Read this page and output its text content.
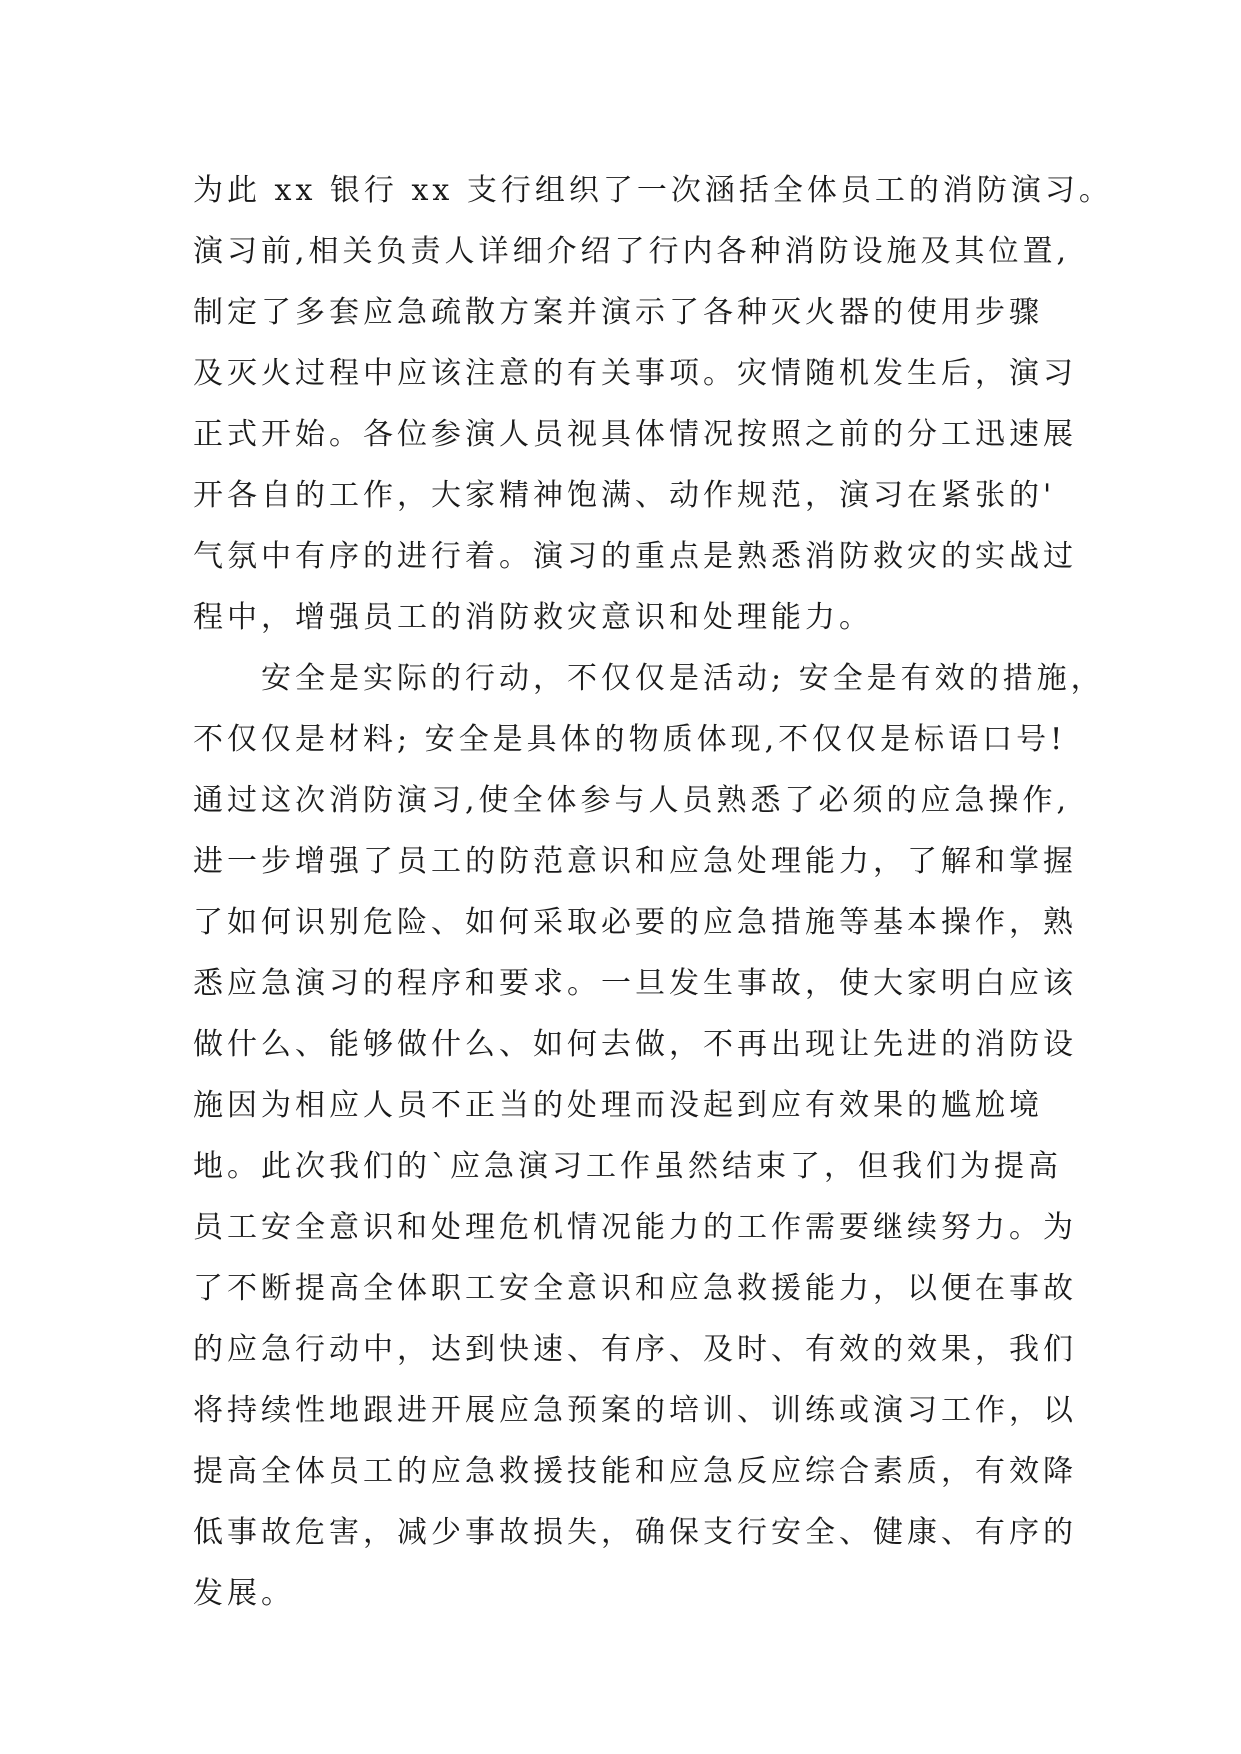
为此 xx 银行 xx 支行组织了一次涵括全体员工的消防演习。
演习前,相关负责人详细介绍了行内各种消防设施及其位置,
制定了多套应急疏散方案并演示了各种灭火器的使用步骤
及灭火过程中应该注意的有关事项。灾情随机发生后，演习
正式开始。各位参演人员视具体情况按照之前的分工迅速展
开各自的工作，大家精神饱满、动作规范，演习在紧张的'
气氛中有序的进行着。演习的重点是熟悉消防救灾的实战过
程中，增强员工的消防救灾意识和处理能力。
　　安全是实际的行动，不仅仅是活动; 安全是有效的措施，
不仅仅是材料; 安全是具体的物质体现,不仅仅是标语口号!
通过这次消防演习,使全体参与人员熟悉了必须的应急操作,
进一步增强了员工的防范意识和应急处理能力，了解和掌握
了如何识别危险、如何采取必要的应急措施等基本操作，熟
悉应急演习的程序和要求。一旦发生事故，使大家明白应该
做什么、能够做什么、如何去做，不再出现让先进的消防设
施因为相应人员不正当的处理而没起到应有效果的尴尬境
地。此次我们的`应急演习工作虽然结束了，但我们为提高
员工安全意识和处理危机情况能力的工作需要继续努力。为
了不断提高全体职工安全意识和应急救援能力，以便在事故
的应急行动中，达到快速、有序、及时、有效的效果，我们
将持续性地跟进开展应急预案的培训、训练或演习工作，以
提高全体员工的应急救援技能和应急反应综合素质，有效降
低事故危害，减少事故损失，确保支行安全、健康、有序的
发展。
